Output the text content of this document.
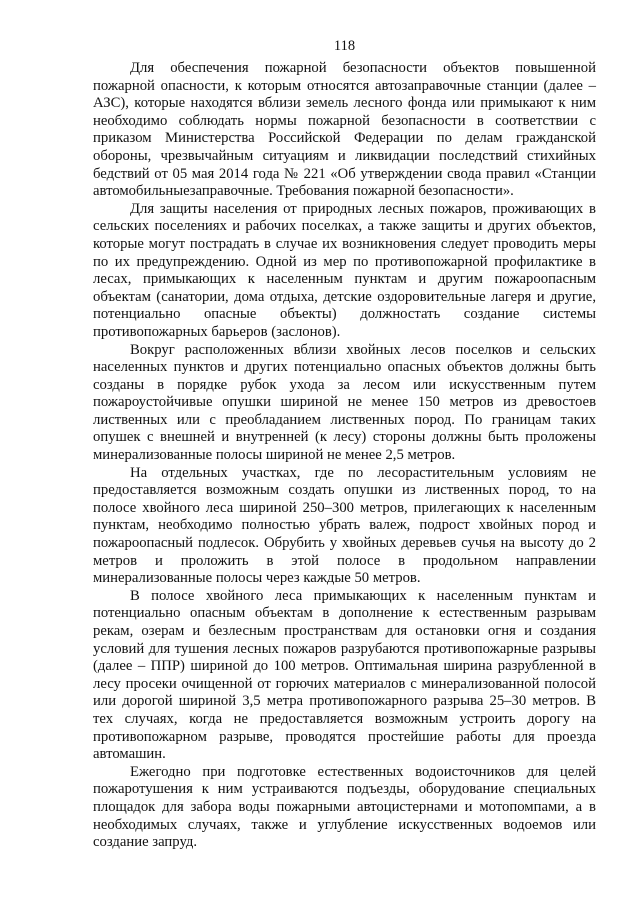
118

Для обеспечения пожарной безопасности объектов повышенной пожарной опасности, к которым относятся автозаправочные станции (далее – АЗС), которые находятся вблизи земель лесного фонда или примыкают к ним необходимо соблюдать нормы пожарной безопасности в соответствии с приказом Министерства Российской Федерации по делам гражданской обороны, чрезвычайным ситуациям и ликвидации последствий стихийных бедствий от 05 мая 2014 года № 221 «Об утверждении свода правил «Станции автомобильныезаправочные. Требования пожарной безопасности».

Для защиты населения от природных лесных пожаров, проживающих в сельских поселениях и рабочих поселках, а также защиты и других объектов, которые могут пострадать в случае их возникновения следует проводить меры по их предупреждению. Одной из мер по противопожарной профилактике в лесах, примыкающих к населенным пунктам и другим пожароопасным объектам (санатории, дома отдыха, детские оздоровительные лагеря и другие, потенциально опасные объекты) должностать создание системы противопожарных барьеров (заслонов).

Вокруг расположенных вблизи хвойных лесов поселков и сельских населенных пунктов и других потенциально опасных объектов должны быть созданы в порядке рубок ухода за лесом или искусственным путем пожароустойчивые опушки шириной не менее 150 метров из древостоев лиственных или с преобладанием лиственных пород. По границам таких опушек с внешней и внутренней (к лесу) стороны должны быть проложены минерализованные полосы шириной не менее 2,5 метров.

На отдельных участках, где по лесорастительным условиям не предоставляется возможным создать опушки из лиственных пород, то на полосе хвойного леса шириной 250–300 метров, прилегающих к населенным пунктам, необходимо полностью убрать валеж, подрост хвойных пород и пожароопасный подлесок. Обрубить у хвойных деревьев сучья на высоту до 2 метров и проложить в этой полосе в продольном направлении минерализованные полосы через каждые 50 метров.

В полосе хвойного леса примыкающих к населенным пунктам и потенциально опасным объектам в дополнение к естественным разрывам рекам, озерам и безлесным пространствам для остановки огня и создания условий для тушения лесных пожаров разрубаются противопожарные разрывы (далее – ППР) шириной до 100 метров. Оптимальная ширина разрубленной в лесу просеки очищенной от горючих материалов с минерализованной полосой или дорогой шириной 3,5 метра противопожарного разрыва 25–30 метров. В тех случаях, когда не предоставляется возможным устроить дорогу на противопожарном разрыве, проводятся простейшие работы для проезда автомашин.

Ежегодно при подготовке естественных водоисточников для целей пожаротушения к ним устраиваются подъезды, оборудование специальных площадок для забора воды пожарными автоцистернами и мотопомпами, а в необходимых случаях, также и углубление искусственных водоемов или создание запруд.
